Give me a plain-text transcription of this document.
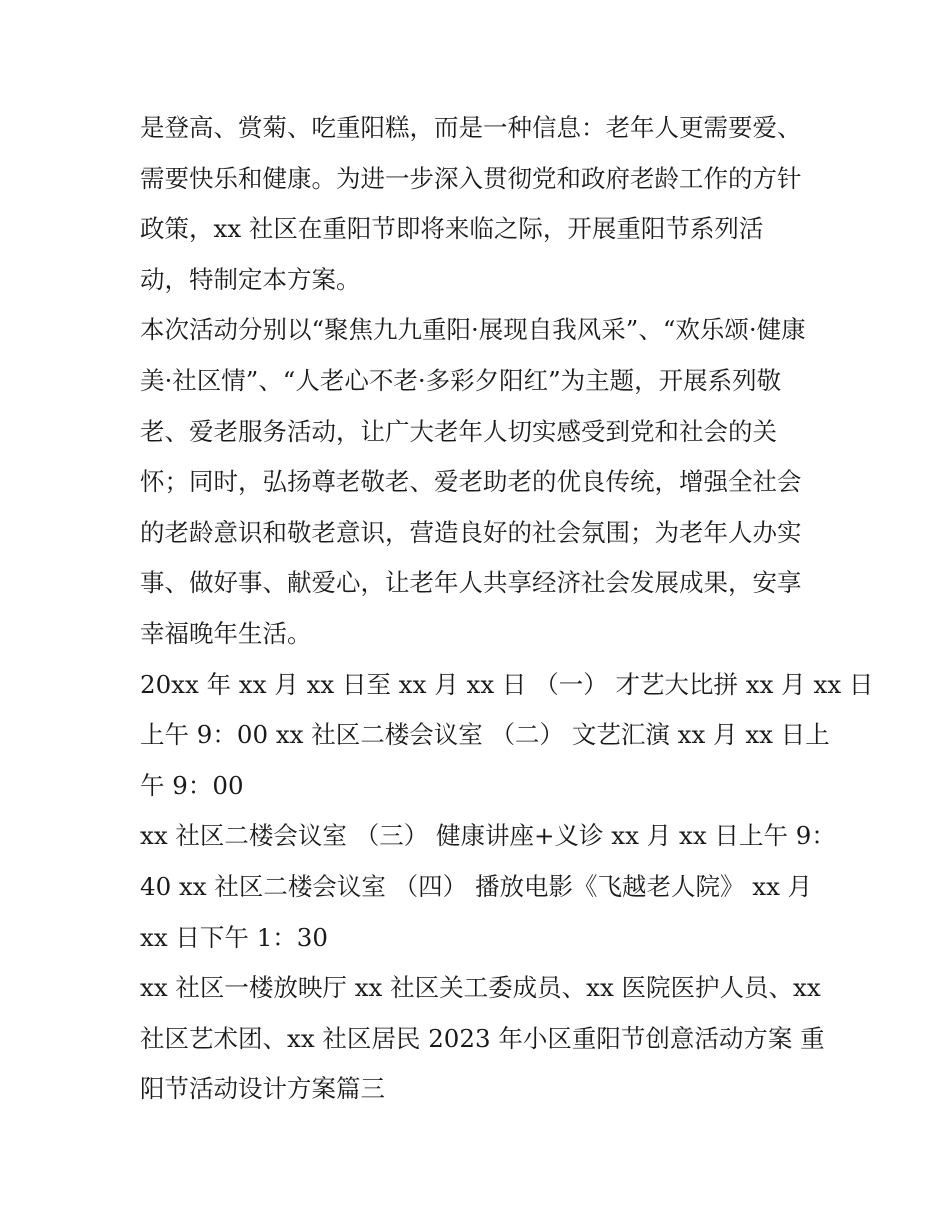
是登高、赏菊、吃重阳糕，而是一种信息：老年人更需要爱、
需要快乐和健康。为进一步深入贯彻党和政府老龄工作的方针
政策，xx 社区在重阳节即将来临之际，开展重阳节系列活
动，特制定本方案。
本次活动分别以“聚焦九九重阳·展现自我风采”、“欢乐颂·健康
美·社区情”、“人老心不老·多彩夕阳红”为主题，开展系列敬
老、爱老服务活动，让广大老年人切实感受到党和社会的关
怀；同时，弘扬尊老敬老、爱老助老的优良传统，增强全社会
的老龄意识和敬老意识，营造良好的社会氛围；为老年人办实
事、做好事、献爱心，让老年人共享经济社会发展成果，安享
幸福晚年生活。
20xx 年 xx 月 xx 日至 xx 月 xx 日 （一） 才艺大比拼 xx 月 xx 日
上午 9：00 xx 社区二楼会议室 （二） 文艺汇演 xx 月 xx 日上
午 9：00
xx 社区二楼会议室 （三） 健康讲座+义诊 xx 月 xx 日上午 9：
40 xx 社区二楼会议室 （四） 播放电影《飞越老人院》 xx 月
xx 日下午 1：30
xx 社区一楼放映厅 xx 社区关工委成员、xx 医院医护人员、xx
社区艺术团、xx 社区居民 2023 年小区重阳节创意活动方案 重
阳节活动设计方案篇三
